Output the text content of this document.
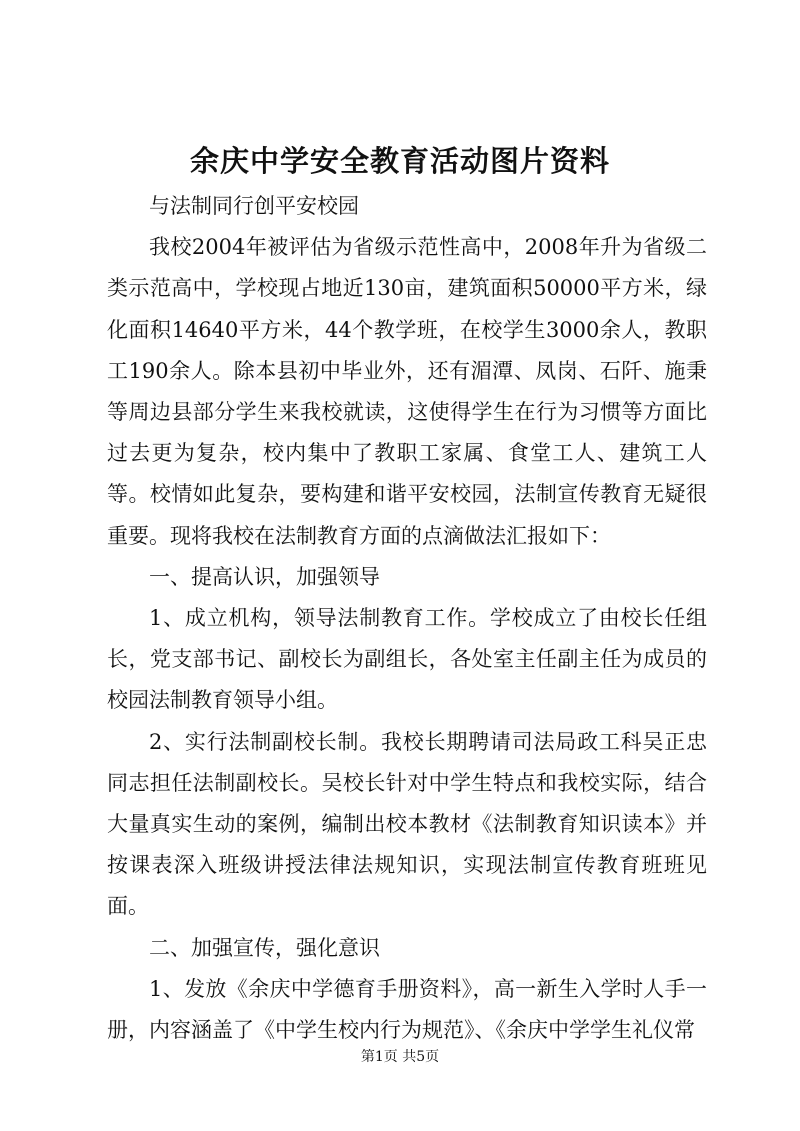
余庆中学安全教育活动图片资料

与法制同行创平安校园

我校2004年被评估为省级示范性高中，2008年升为省级二类示范高中，学校现占地近130亩，建筑面积50000平方米，绿化面积14640平方米，44个教学班，在校学生3000余人，教职工190余人。除本县初中毕业外，还有湄潭、凤岗、石阡、施秉等周边县部分学生来我校就读，这使得学生在行为习惯等方面比过去更为复杂，校内集中了教职工家属、食堂工人、建筑工人等。校情如此复杂，要构建和谐平安校园，法制宣传教育无疑很重要。现将我校在法制教育方面的点滴做法汇报如下：

一、提高认识，加强领导

1、成立机构，领导法制教育工作。学校成立了由校长任组长，党支部书记、副校长为副组长，各处室主任副主任为成员的校园法制教育领导小组。

2、实行法制副校长制。我校长期聘请司法局政工科吴正忠同志担任法制副校长。吴校长针对中学生特点和我校实际，结合大量真实生动的案例，编制出校本教材《法制教育知识读本》并按课表深入班级讲授法律法规知识，实现法制宣传教育班班见面。

二、加强宣传，强化意识

1、发放《余庆中学德育手册资料》，高一新生入学时人手一册，内容涵盖了《中学生校内行为规范》、《余庆中学学生礼仪常

第1页 共5页
